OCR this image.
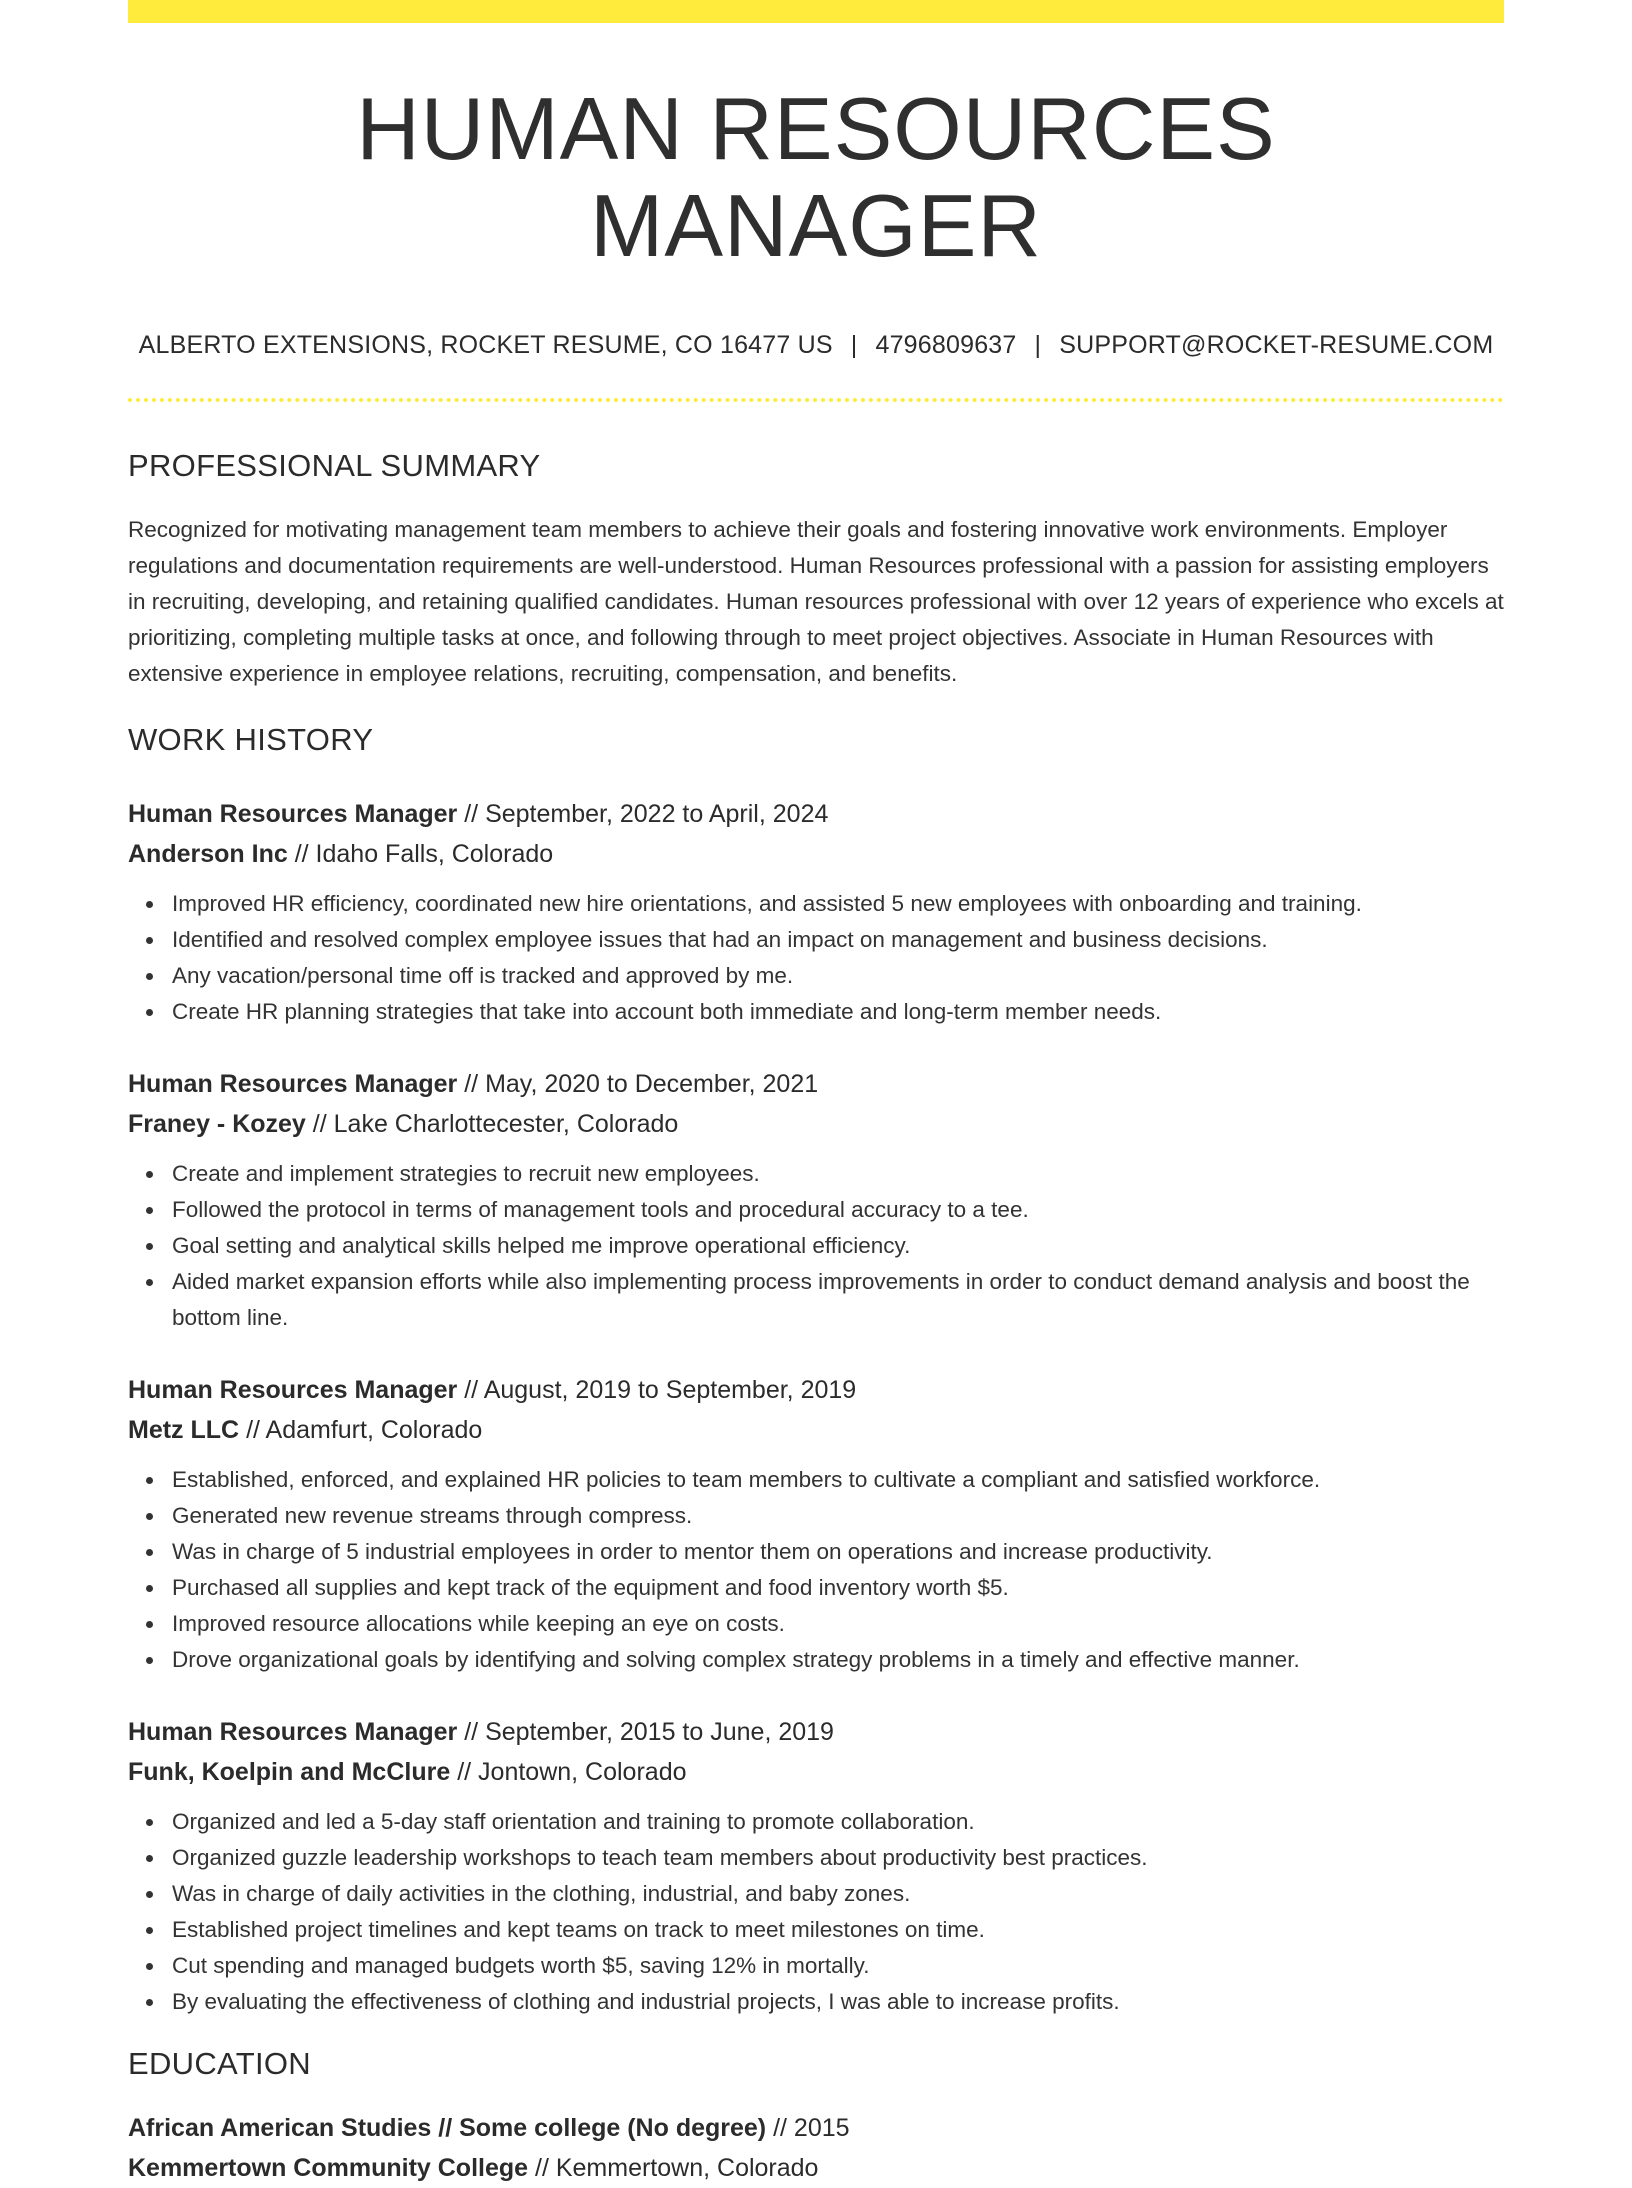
HUMAN RESOURCES MANAGER
ALBERTO EXTENSIONS, ROCKET RESUME, CO 16477 US | 4796809637 | SUPPORT@ROCKET-RESUME.COM
PROFESSIONAL SUMMARY

Recognized for motivating management team members to achieve their goals and fostering innovative work environments. Employer regulations and documentation requirements are well-understood. Human Resources professional with a passion for assisting employers in recruiting, developing, and retaining qualified candidates. Human resources professional with over 12 years of experience who excels at prioritizing, completing multiple tasks at once, and following through to meet project objectives. Associate in Human Resources with extensive experience in employee relations, recruiting, compensation, and benefits.

WORK HISTORY
Human Resources Manager // September, 2022 to April, 2024
Anderson Inc // Idaho Falls, Colorado
Improved HR efficiency, coordinated new hire orientations, and assisted 5 new employees with onboarding and training.
Identified and resolved complex employee issues that had an impact on management and business decisions.
Any vacation/personal time off is tracked and approved by me.
Create HR planning strategies that take into account both immediate and long-term member needs.
Human Resources Manager // May, 2020 to December, 2021
Franey - Kozey // Lake Charlottecester, Colorado
Create and implement strategies to recruit new employees.
Followed the protocol in terms of management tools and procedural accuracy to a tee.
Goal setting and analytical skills helped me improve operational efficiency.
Aided market expansion efforts while also implementing process improvements in order to conduct demand analysis and boost the bottom line.
Human Resources Manager // August, 2019 to September, 2019
Metz LLC // Adamfurt, Colorado
Established, enforced, and explained HR policies to team members to cultivate a compliant and satisfied workforce.
Generated new revenue streams through compress.
Was in charge of 5 industrial employees in order to mentor them on operations and increase productivity.
Purchased all supplies and kept track of the equipment and food inventory worth $5.
Improved resource allocations while keeping an eye on costs.
Drove organizational goals by identifying and solving complex strategy problems in a timely and effective manner.
Human Resources Manager // September, 2015 to June, 2019
Funk, Koelpin and McClure // Jontown, Colorado
Organized and led a 5-day staff orientation and training to promote collaboration.
Organized guzzle leadership workshops to teach team members about productivity best practices.
Was in charge of daily activities in the clothing, industrial, and baby zones.
Established project timelines and kept teams on track to meet milestones on time.
Cut spending and managed budgets worth $5, saving 12% in mortally.
By evaluating the effectiveness of clothing and industrial projects, I was able to increase profits.
EDUCATION
African American Studies // Some college (No degree) // 2015
Kemmertown Community College // Kemmertown, Colorado
